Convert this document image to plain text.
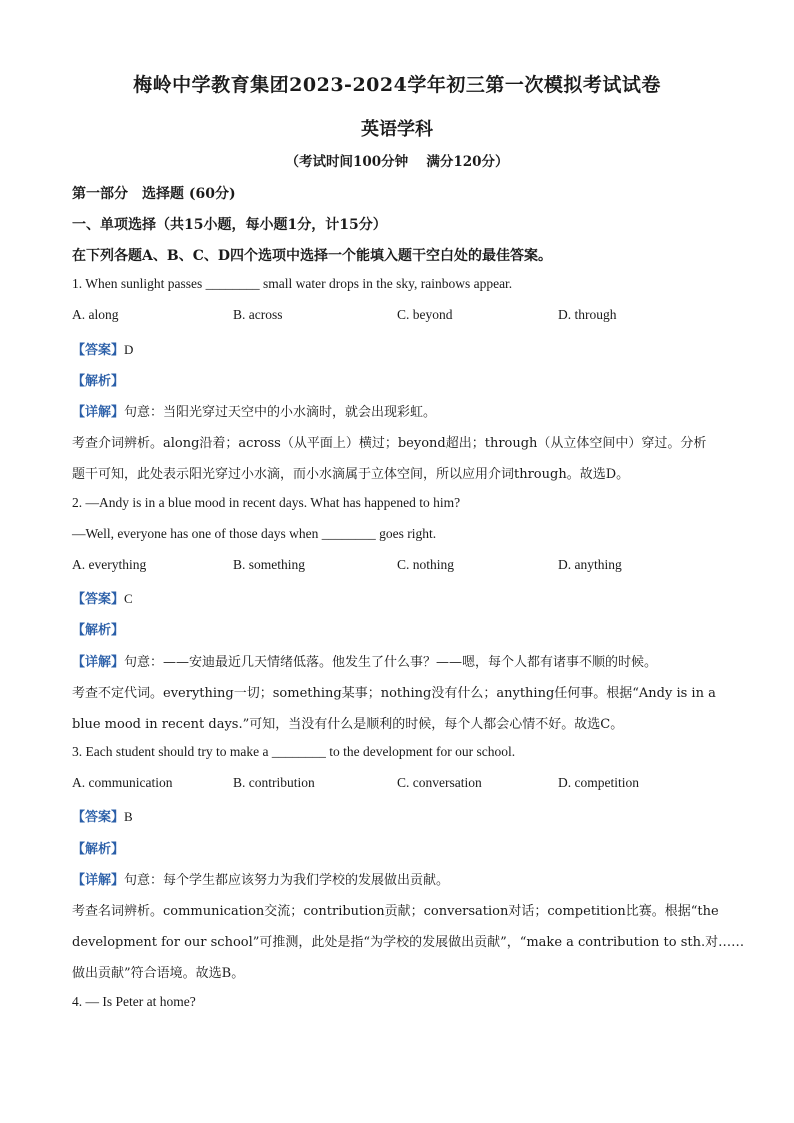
梅岭中学教育集团2023-2024学年初三第一次模拟考试试卷
英语学科
（考试时间100分钟　 满分120分）
第一部分　选择题 (60分)
一、单项选择（共15小题，每小题1分，计15分）
在下列各题A、B、C、D四个选项中选择一个能填入题干空白处的最佳答案。
1. When sunlight passes ________ small water drops in the sky, rainbows appear.
A. along	B. across	C. beyond	D. through
【答案】D
【解析】
【详解】句意：当阳光穿过天空中的小水滴时，就会出现彩虹。
考查介词辨析。along沿着；across（从平面上）横过；beyond超出；through（从立体空间中）穿过。分析
题干可知，此处表示阳光穿过小水滴，而小水滴属于立体空间，所以应用介词through。故选D。
2. —Andy is in a blue mood in recent days. What has happened to him?
—Well, everyone has one of those days when ________ goes right.
A. everything	B. something	C. nothing	D. anything
【答案】C
【解析】
【详解】句意：——安迪最近几天情绪低落。他发生了什么事？——嗯，每个人都有诸事不顺的时候。
考查不定代词。everything一切；something某事；nothing没有什么；anything任何事。根据“Andy is in a
blue mood in recent days.”可知，当没有什么是顺利的时候，每个人都会心情不好。故选C。
3. Each student should try to make a ________ to the development for our school.
A. communication	B. contribution	C. conversation	D. competition
【答案】B
【解析】
【详解】句意：每个学生都应该努力为我们学校的发展做出贡献。
考查名词辨析。communication交流；contribution贡献；conversation对话；competition比赛。根据“the
development for our school”可推测，此处是指“为学校的发展做出贡献”，“make a contribution to sth.对……
做出贡献”符合语境。故选B。
4. — Is Peter at home?
